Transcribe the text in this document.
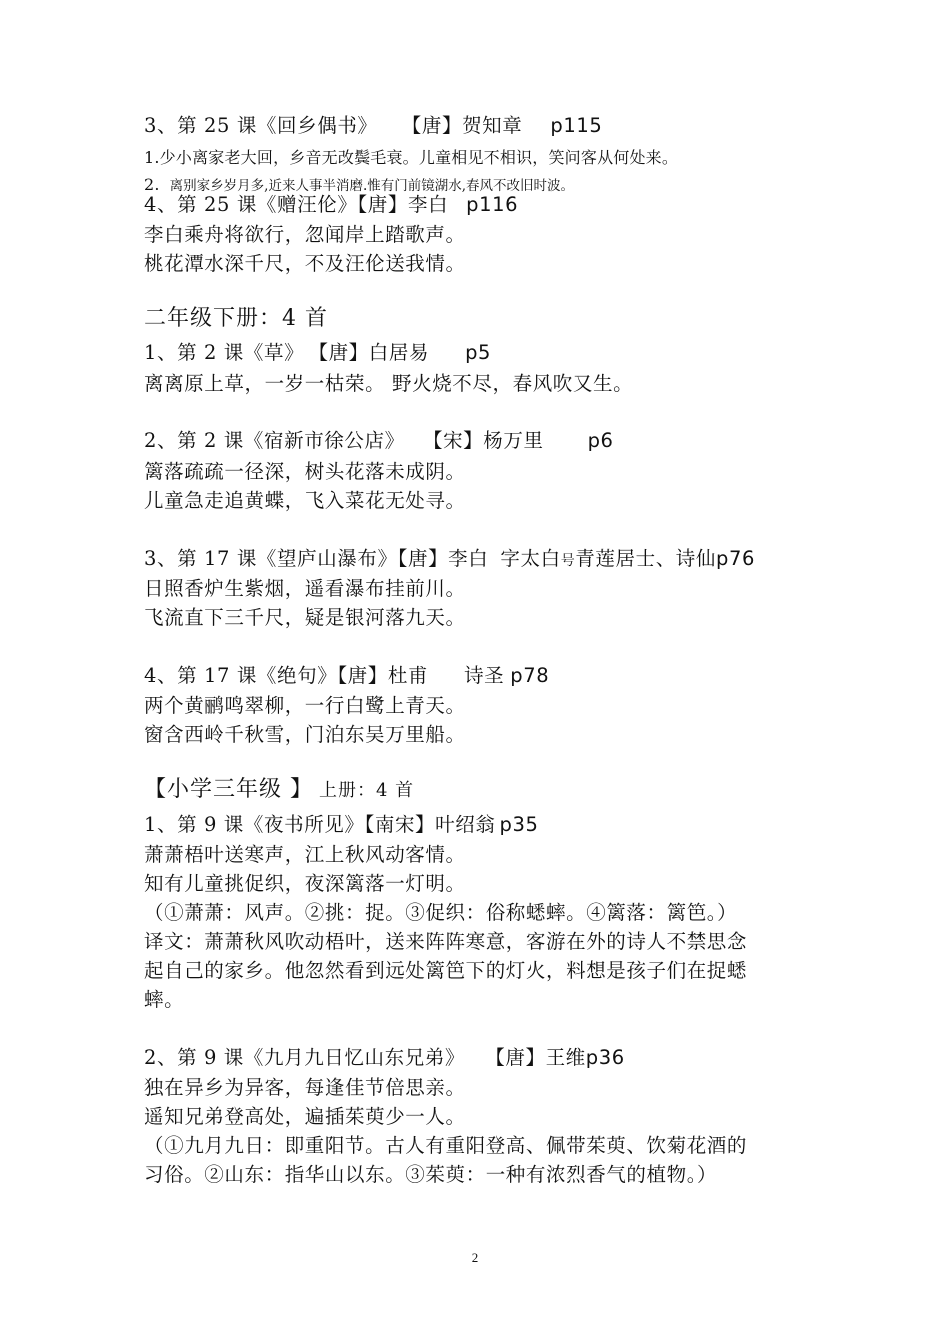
3、第 25 课《回乡偶书》 【唐】贺知章 p115
1.少小离家老大回，乡音无改鬓毛衰。儿童相见不相识，笑问客从何处来。
2. 离别家乡岁月多,近来人事半消磨.惟有门前镜湖水,春风不改旧时波。
4、第 25 课《赠汪伦》【唐】李白 p116
李白乘舟将欲行，忽闻岸上踏歌声。
桃花潭水深千尺，不及汪伦送我情。
二年级下册：4 首
1、第 2 课《草》 【唐】白居易 p5
离离原上草，一岁一枯荣。 野火烧不尽，春风吹又生。
2、第 2 课《宿新市徐公店》 【宋】杨万里 p6
篱落疏疏一径深，树头花落未成阴。
儿童急走追黄蝶，飞入菜花无处寻。
3、第 17 课《望庐山瀑布》【唐】李白 字太白号青莲居士、诗仙p76
日照香炉生紫烟，遥看瀑布挂前川。
飞流直下三千尺，疑是银河落九天。
4、第 17 课《绝句》【唐】杜甫 诗圣 p78
两个黄鹂鸣翠柳，一行白鹭上青天。
窗含西岭千秋雪，门泊东吴万里船。
【小学三年级 】 上册：4 首
1、第 9 课《夜书所见》【南宋】叶绍翁 p35
萧萧梧叶送寒声，江上秋风动客情。
知有儿童挑促织，夜深篱落一灯明。
（①萧萧：风声。②挑：捉。③促织：俗称蟋蟀。④篱落：篱笆。）
译文：萧萧秋风吹动梧叶，送来阵阵寒意，客游在外的诗人不禁思念
起自己的家乡。他忽然看到远处篱笆下的灯火，料想是孩子们在捉蟋
蟀。
2、第 9 课《九月九日忆山东兄弟》 【唐】王维p36
独在异乡为异客，每逢佳节倍思亲。
遥知兄弟登高处，遍插茱萸少一人。
（①九月九日：即重阳节。古人有重阳登高、佩带茱萸、饮菊花酒的
习俗。②山东：指华山以东。③茱萸：一种有浓烈香气的植物。）
2
